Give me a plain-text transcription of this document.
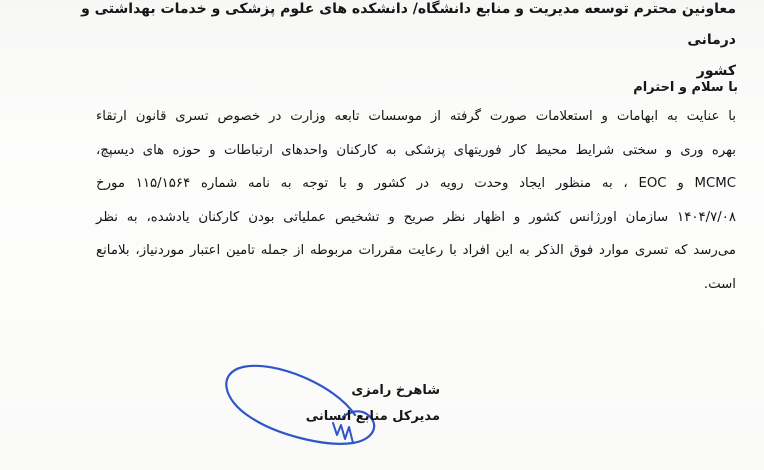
معاونین محترم توسعه مدیریت و منابع دانشگاه/ دانشکده های علوم پزشکی و خدمات بهداشتی و درمانی
کشور
با سلام و احترام
با عنایت به ابهامات و استعلامات صورت گرفته از موسسات تابعه وزارت در خصوص تسری قانون ارتقاء
بهره وری و سختی شرایط محیط کار فوریتهای پزشکی به کارکنان واحدهای ارتباطات و حوزه های دیسپچ،
MCMC و EOC ، به منظور ایجاد وحدت رویه در کشور و با توجه به نامه شماره ۱۱۵/۱۵۶۴ مورخ
۱۴۰۴/۷/۰۸ سازمان اورژانس کشور و اظهار نظر صریح و تشخیص عملیاتی بودن کارکنان یادشده، به نظر
می‌رسد که تسری موارد فوق الذکر به این افراد با رعایت مقررات مربوطه از جمله تامین اعتبار موردنیاز، بلامانع
است.
شاهرخ رامزی
مدیرکل منابع انسانی
